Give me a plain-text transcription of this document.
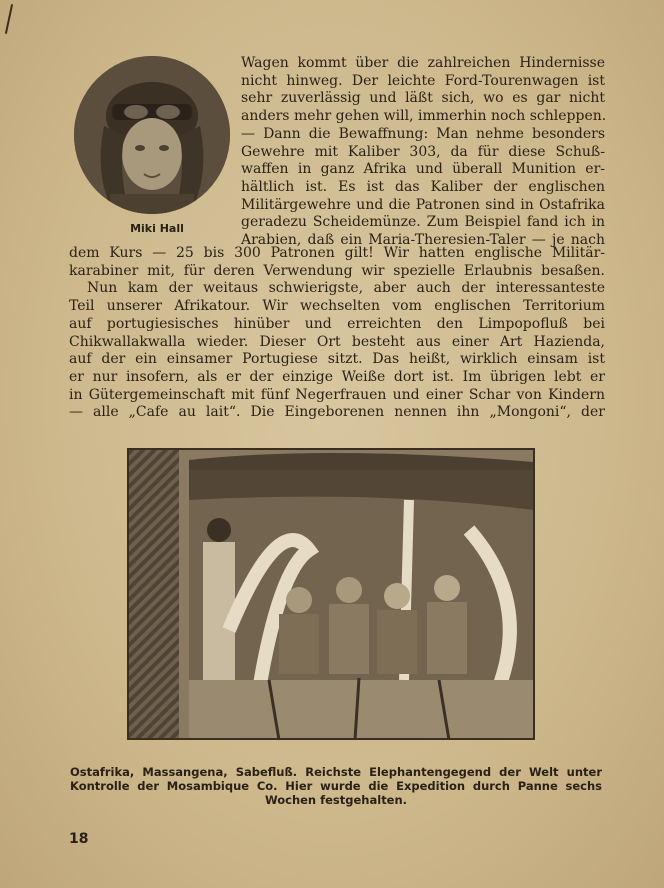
Miki Hall
Wagen kommt über die zahlreichen Hindernisse
nicht hinweg. Der leichte Ford-Tourenwagen ist
sehr zuverlässig und läßt sich, wo es gar nicht
anders mehr gehen will, immerhin noch schleppen.
— Dann die Bewaffnung: Man nehme besonders
Gewehre mit Kaliber 303, da für diese Schuß-
waffen in ganz Afrika und überall Munition er-
hältlich ist. Es ist das Kaliber der englischen
Militärgewehre und die Patronen sind in Ostafrika
geradezu Scheidemünze. Zum Beispiel fand ich in
Arabien, daß ein Maria-Theresien-Taler — je nach
dem Kurs — 25 bis 300 Patronen gilt! Wir hatten englische Militär-
karabiner mit, für deren Verwendung wir spezielle Erlaubnis besaßen.
Nun kam der weitaus schwierigste, aber auch der interessanteste
Teil unserer Afrikatour. Wir wechselten vom englischen Territorium
auf portugiesisches hinüber und erreichten den Limpopofluß bei
Chikwallakwalla wieder. Dieser Ort besteht aus einer Art Hazienda,
auf der ein einsamer Portugiese sitzt. Das heißt, wirklich einsam ist
er nur insofern, als er der einzige Weiße dort ist. Im übrigen lebt er
in Gütergemeinschaft mit fünf Negerfrauen und einer Schar von Kindern
— alle „Cafe au lait“. Die Eingeborenen nennen ihn „Mongoni“, der
Ostafrika, Massangena, Sabefluß. Reichste Elephantengegend der Welt unter
Kontrolle der Mosambique Co. Hier wurde die Expedition durch Panne sechs
Wochen festgehalten.
18
